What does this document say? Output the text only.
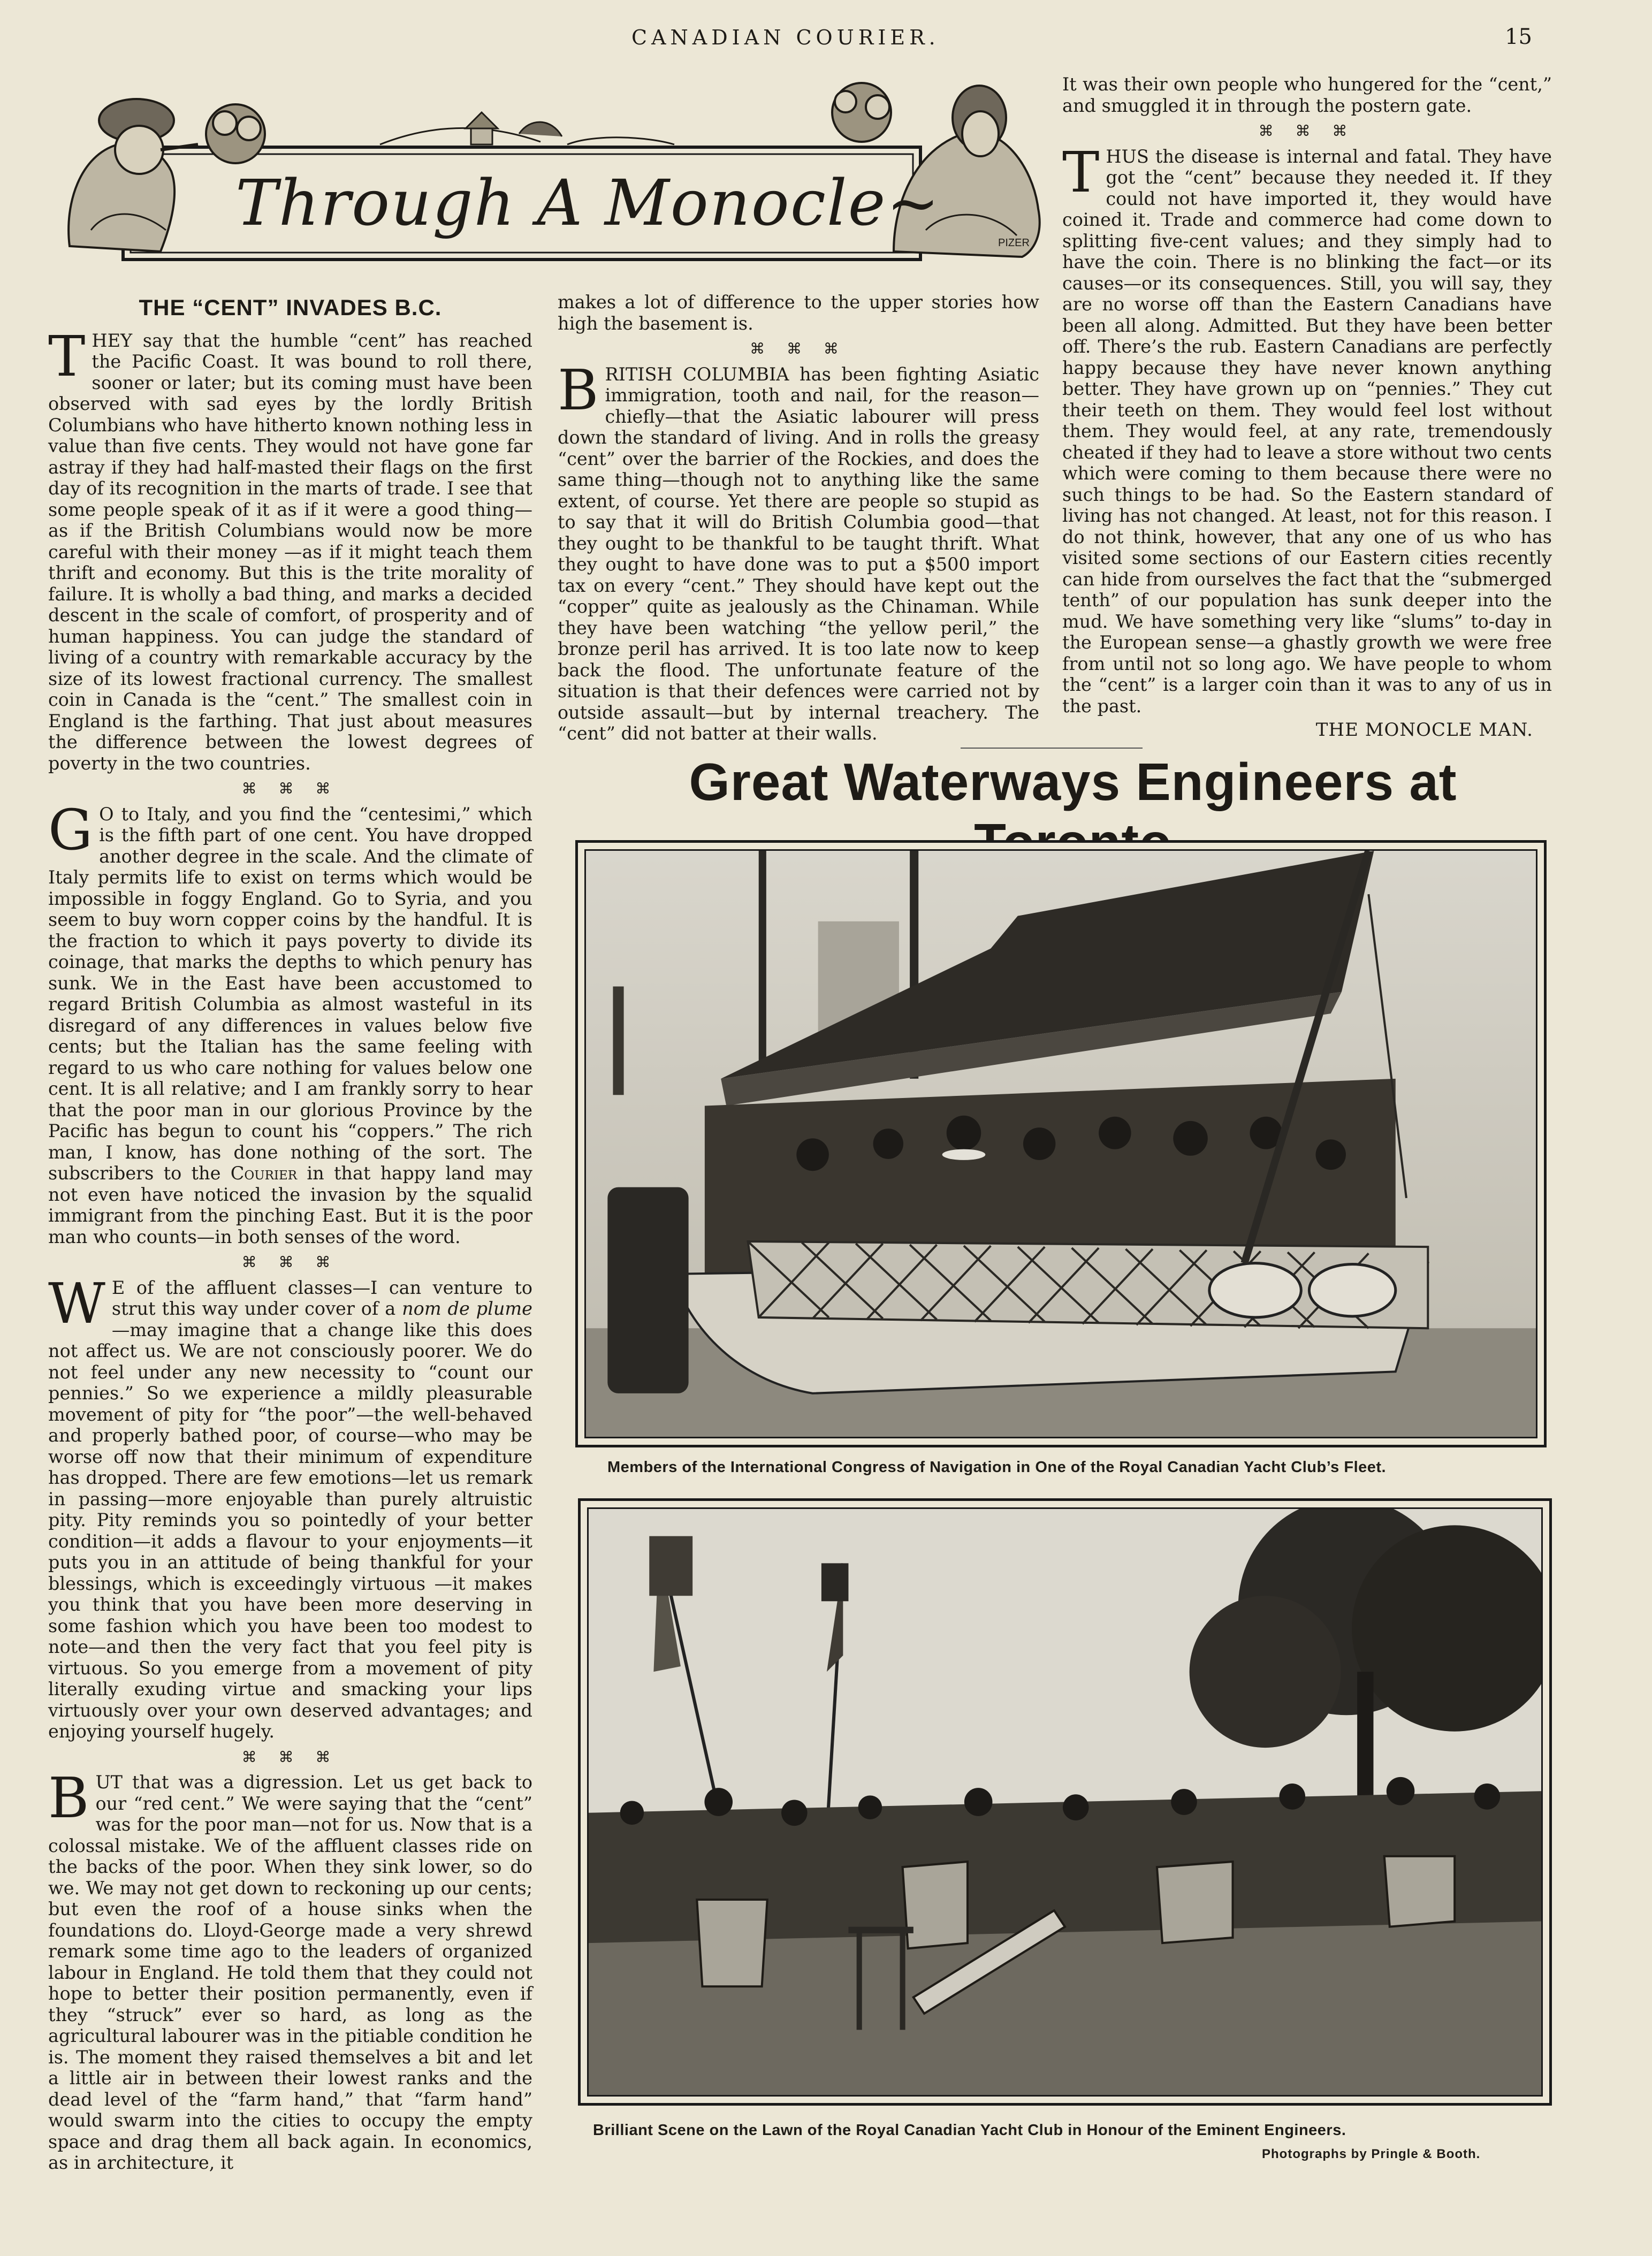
CANADIAN COURIER.	15
PIZER
Through A Monocle~
THE “CENT” INVADES B.C.

THEY say that the humble “cent” has reached the Pacific Coast. It was bound to roll there, sooner or later; but its coming must have been observed with sad eyes by the lordly British Columbians who have hitherto known nothing less in value than five cents. They would not have gone far astray if they had half-masted their flags on the first day of its recognition in the marts of trade. I see that some people speak of it as if it were a good thing—as if the British Columbians would now be more careful with their money —as if it might teach them thrift and economy. But this is the trite morality of failure. It is wholly a bad thing, and marks a decided descent in the scale of comfort, of prosperity and of human happiness. You can judge the standard of living of a country with remarkable accuracy by the size of its lowest fractional currency. The smallest coin in Canada is the “cent.” The smallest coin in England is the farthing. That just about measures the difference between the lowest degrees of poverty in the two countries.

⌘ ⌘ ⌘

G O to Italy, and you find the “centesimi,” which is the fifth part of one cent. You have dropped another degree in the scale. And the climate of Italy permits life to exist on terms which would be impossible in foggy England. Go to Syria, and you seem to buy worn copper coins by the handful. It is the fraction to which it pays poverty to divide its coinage, that marks the depths to which penury has sunk. We in the East have been accustomed to regard British Columbia as almost wasteful in its disregard of any differences in values below five cents; but the Italian has the same feeling with regard to us who care nothing for values below one cent. It is all relative; and I am frankly sorry to hear that the poor man in our glorious Province by the Pacific has begun to count his “coppers.” The rich man, I know, has done nothing of the sort. The subscribers to the Courier in that happy land may not even have noticed the invasion by the squalid immigrant from the pinching East. But it is the poor man who counts—in both senses of the word.

⌘ ⌘ ⌘

W E of the affluent classes—I can venture to strut this way under cover of a nom de plume —may imagine that a change like this does not affect us. We are not consciously poorer. We do not feel under any new necessity to “count our pennies.” So we experience a mildly pleasurable movement of pity for “the poor”—the well-behaved and properly bathed poor, of course—who may be worse off now that their minimum of expenditure has dropped. There are few emotions—let us remark in passing—more enjoyable than purely altruistic pity. Pity reminds you so pointedly of your better condition—it adds a flavour to your enjoyments—it puts you in an attitude of being thankful for your blessings, which is exceedingly virtuous —it makes you think that you have been more deserving in some fashion which you have been too modest to note—and then the very fact that you feel pity is virtuous. So you emerge from a movement of pity literally exuding virtue and smacking your lips virtuously over your own deserved advantages; and enjoying yourself hugely.

⌘ ⌘ ⌘

BUT that was a digression. Let us get back to our “red cent.” We were saying that the “cent” was for the poor man—not for us. Now that is a colossal mistake. We of the affluent classes ride on the backs of the poor. When they sink lower, so do we. We may not get down to reckoning up our cents; but even the roof of a house sinks when the foundations do. Lloyd-George made a very shrewd remark some time ago to the leaders of organized labour in England. He told them that they could not hope to better their position permanently, even if they “struck” ever so hard, as long as the agricultural labourer was in the pitiable condition he is. The moment they raised themselves a bit and let a little air in between their lowest ranks and the dead level of the “farm hand,” that “farm hand” would swarm into the cities to occupy the empty space and drag them all back again. In economics, as in architecture, it

makes a lot of difference to the upper stories how high the basement is.

⌘ ⌘ ⌘

BRITISH COLUMBIA has been fighting Asiatic immigration, tooth and nail, for the reason—chiefly—that the Asiatic labourer will press down the standard of living. And in rolls the greasy “cent” over the barrier of the Rockies, and does the same thing—though not to anything like the same extent, of course. Yet there are people so stupid as to say that it will do British Columbia good—that they ought to be thankful to be taught thrift. What they ought to have done was to put a $500 import tax on every “cent.” They should have kept out the “copper” quite as jealously as the Chinaman. While they have been watching “the yellow peril,” the bronze peril has arrived. It is too late now to keep back the flood. The unfortunate feature of the situation is that their defences were carried not by outside assault—but by internal treachery. The “cent” did not batter at their walls.

It was their own people who hungered for the “cent,” and smuggled it in through the postern gate.

⌘ ⌘ ⌘

THUS the disease is internal and fatal. They have got the “cent” because they needed it. If they could not have imported it, they would have coined it. Trade and commerce had come down to splitting five-cent values; and they simply had to have the coin. There is no blinking the fact—or its causes—or its consequences. Still, you will say, they are no worse off than the Eastern Canadians have been all along. Admitted. But they have been better off. There’s the rub. Eastern Canadians are perfectly happy because they have never known anything better. They have grown up on “pennies.” They cut their teeth on them. They would feel lost without them. They would feel, at any rate, tremendously cheated if they had to leave a store without two cents which were coming to them because there were no such things to be had. So the Eastern standard of living has not changed. At least, not for this reason. I do not think, however, that any one of us who has visited some sections of our Eastern cities recently can hide from ourselves the fact that the “submerged tenth” of our population has sunk deeper into the mud. We have something very like “slums” to-day in the European sense—a ghastly growth we were free from until not so long ago. We have people to whom the “cent” is a larger coin than it was to any of us in the past.

THE MONOCLE MAN.
Great Waterways Engineers at
Members of the International Congress of Navigation in One of the Royal Canadian Yacht Club’s Fleet.
Brilliant Scene on the Lawn of the Royal Canadian Yacht Club in Honour of the Eminent Engineers.
Photographs by Pringle & Booth.
